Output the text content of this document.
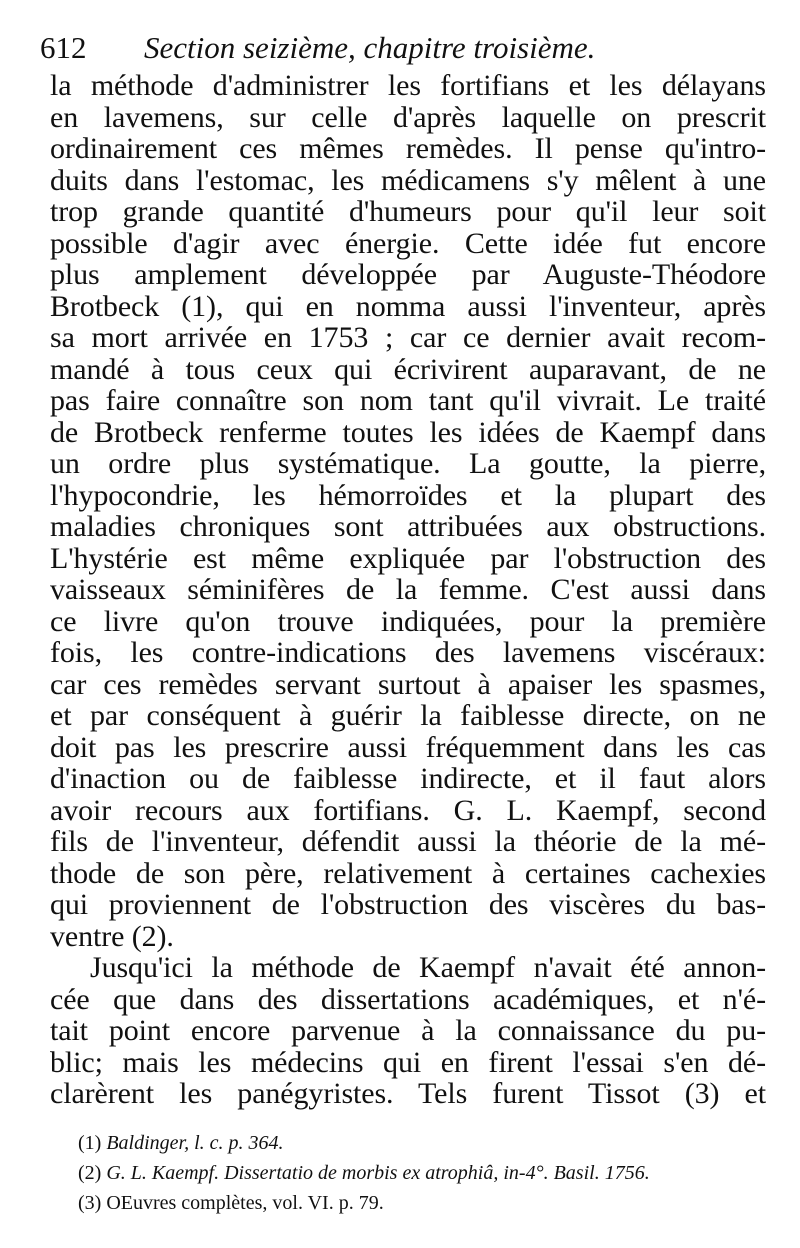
612 Section seizième, chapitre troisième.
la méthode d'administrer les fortifians et les délayans
en lavemens, sur celle d'après laquelle on prescrit
ordinairement ces mêmes remèdes. Il pense qu'intro-
duits dans l'estomac, les médicamens s'y mêlent à une
trop grande quantité d'humeurs pour qu'il leur soit
possible d'agir avec énergie. Cette idée fut encore
plus amplement développée par Auguste-Théodore
Brotbeck (1), qui en nomma aussi l'inventeur, après
sa mort arrivée en 1753 ; car ce dernier avait recom-
mandé à tous ceux qui écrivirent auparavant, de ne
pas faire connaître son nom tant qu'il vivrait. Le traité
de Brotbeck renferme toutes les idées de Kaempf dans
un ordre plus systématique. La goutte, la pierre,
l'hypocondrie, les hémorroïdes et la plupart des
maladies chroniques sont attribuées aux obstructions.
L'hystérie est même expliquée par l'obstruction des
vaisseaux séminifères de la femme. C'est aussi dans
ce livre qu'on trouve indiquées, pour la première
fois, les contre-indications des lavemens viscéraux:
car ces remèdes servant surtout à apaiser les spasmes,
et par conséquent à guérir la faiblesse directe, on ne
doit pas les prescrire aussi fréquemment dans les cas
d'inaction ou de faiblesse indirecte, et il faut alors
avoir recours aux fortifians. G. L. Kaempf, second
fils de l'inventeur, défendit aussi la théorie de la mé-
thode de son père, relativement à certaines cachexies
qui proviennent de l'obstruction des viscères du bas-
ventre (2).
Jusqu'ici la méthode de Kaempf n'avait été annon-
cée que dans des dissertations académiques, et n'é-
tait point encore parvenue à la connaissance du pu-
blic; mais les médecins qui en firent l'essai s'en dé-
clarèrent les panégyristes. Tels furent Tissot (3) et
(1) Baldinger, l. c. p. 364.
(2) G. L. Kaempf. Dissertatio de morbis ex atrophiâ, in-4°. Basil. 1756.
(3) OEuvres complètes, vol. VI. p. 79.
